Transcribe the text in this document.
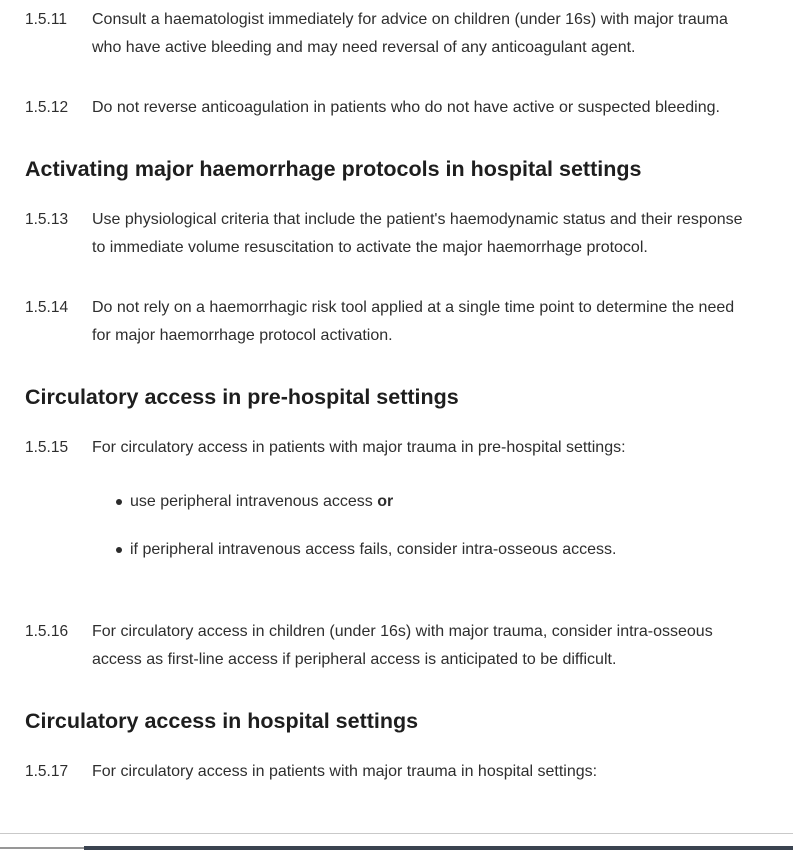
1.5.11	Consult a haematologist immediately for advice on children (under 16s) with major trauma who have active bleeding and may need reversal of any anticoagulant agent.
1.5.12	Do not reverse anticoagulation in patients who do not have active or suspected bleeding.
Activating major haemorrhage protocols in hospital settings
1.5.13	Use physiological criteria that include the patient's haemodynamic status and their response to immediate volume resuscitation to activate the major haemorrhage protocol.
1.5.14	Do not rely on a haemorrhagic risk tool applied at a single time point to determine the need for major haemorrhage protocol activation.
Circulatory access in pre-hospital settings
1.5.15	For circulatory access in patients with major trauma in pre-hospital settings:

use peripheral intravenous access or
if peripheral intravenous access fails, consider intra-osseous access.
1.5.16	For circulatory access in children (under 16s) with major trauma, consider intra-osseous access as first-line access if peripheral access is anticipated to be difficult.
Circulatory access in hospital settings
1.5.17	For circulatory access in patients with major trauma in hospital settings:
